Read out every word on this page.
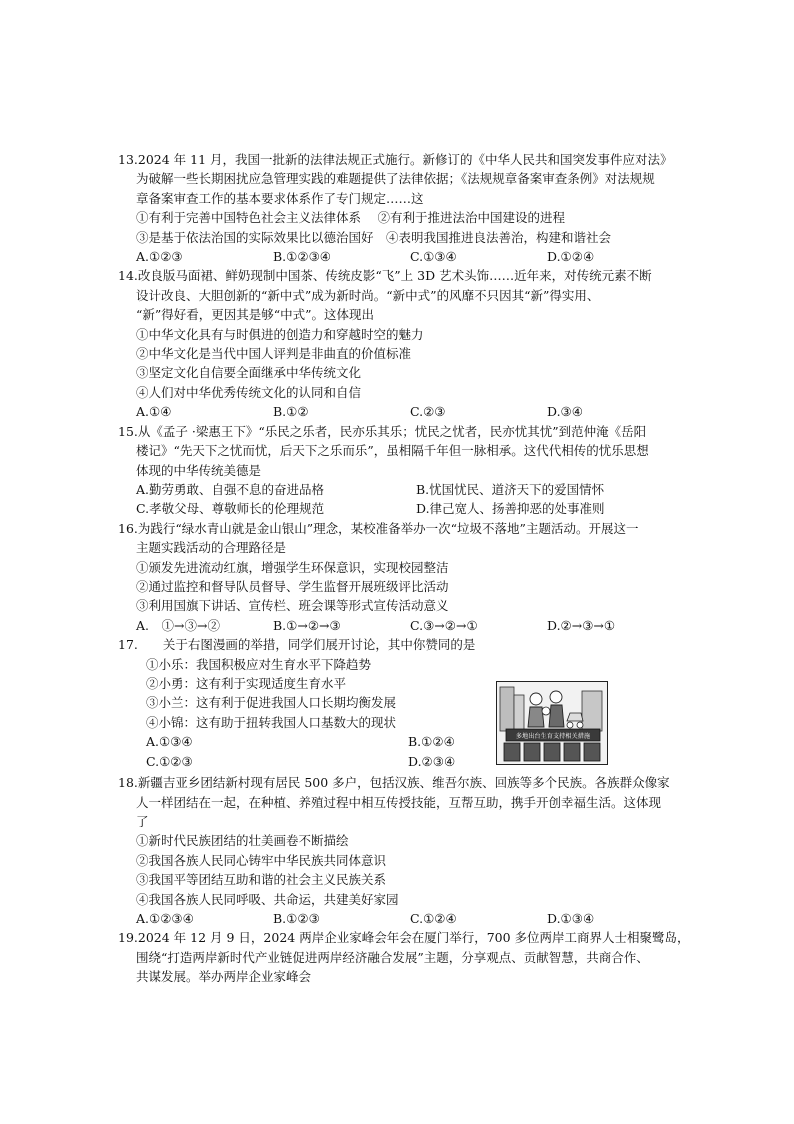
13.2024 年 11 月，我国一批新的法律法规正式施行。新修订的《中华人民共和国突发事件应对法》
为破解一些长期困扰应急管理实践的难题提供了法律依据；《法规规章备案审查条例》对法规规
章备案审查工作的基本要求体系作了专门规定……这
①有利于完善中国特色社会主义法律体系　 ②有利于推进法治中国建设的进程
③是基于依法治国的实际效果比以德治国好　④表明我国推进良法善治，构建和谐社会
A.①②③	B.①②③④	C.①③④	D.①②④
14.改良版马面裙、鲜奶现制中国茶、传统皮影“飞”上 3D 艺术头饰……近年来，对传统元素不断
设计改良、大胆创新的“新中式”成为新时尚。“新中式”的风靡不只因其“新”得实用、
“新”得好看，更因其是够“中式”。这体现出
①中华文化具有与时俱进的创造力和穿越时空的魅力
②中华文化是当代中国人评判是非曲直的价值标准
③坚定文化自信要全面继承中华传统文化
④人们对中华优秀传统文化的认同和自信
A.①④	B.①②	C.②③	D.③④
15.从《孟子 ·梁惠王下》“乐民之乐者，民亦乐其乐；忧民之忧者，民亦忧其忧”到范仲淹《岳阳
楼记》“先天下之忧而忧，后天下之乐而乐”，虽相隔千年但一脉相承。这代代相传的忧乐思想
体现的中华传统美德是
A.勤劳勇敢、自强不息的奋进品格	B.忧国忧民、道济天下的爱国情怀
C.孝敬父母、尊敬师长的伦理规范	D.律己宽人、扬善抑恶的处事准则
16.为践行“绿水青山就是金山银山”理念，某校准备举办一次“垃圾不落地”主题活动。开展这一
主题实践活动的合理路径是
①颁发先进流动红旗，增强学生环保意识，实现校园整洁
②通过监控和督导队员督导、学生监督开展班级评比活动
③利用国旗下讲话、宣传栏、班会课等形式宣传活动意义
A.　①→③→②	B.①→②→③	C.③→②→①	D.②→③→①
17.　　关于右图漫画的举措，同学们展开讨论，其中你赞同的是
①小乐：我国积极应对生育水平下降趋势
②小勇：这有利于实现适度生育水平
③小兰：这有利于促进我国人口长期均衡发展
④小锦：这有助于扭转我国人口基数大的现状
A.①③④	B.①②④
C.①②③	D.②③④
多地出台生育支持相关措施
18.新疆吉亚乡团结新村现有居民 500 多户，包括汉族、维吾尔族、回族等多个民族。各族群众像家
人一样团结在一起，在种植、养殖过程中相互传授技能，互帮互助，携手开创幸福生活。这体现
了
①新时代民族团结的壮美画卷不断描绘
②我国各族人民同心铸牢中华民族共同体意识
③我国平等团结互助和谐的社会主义民族关系
④我国各族人民同呼吸、共命运，共建美好家园
A.①②③④	B.①②③	C.①②④	D.①③④
19.2024 年 12 月 9 日，2024 两岸企业家峰会年会在厦门举行，700 多位两岸工商界人士相聚鹭岛，
围绕“打造两岸新时代产业链促进两岸经济融合发展”主题，分享观点、贡献智慧，共商合作、
共谋发展。举办两岸企业家峰会
